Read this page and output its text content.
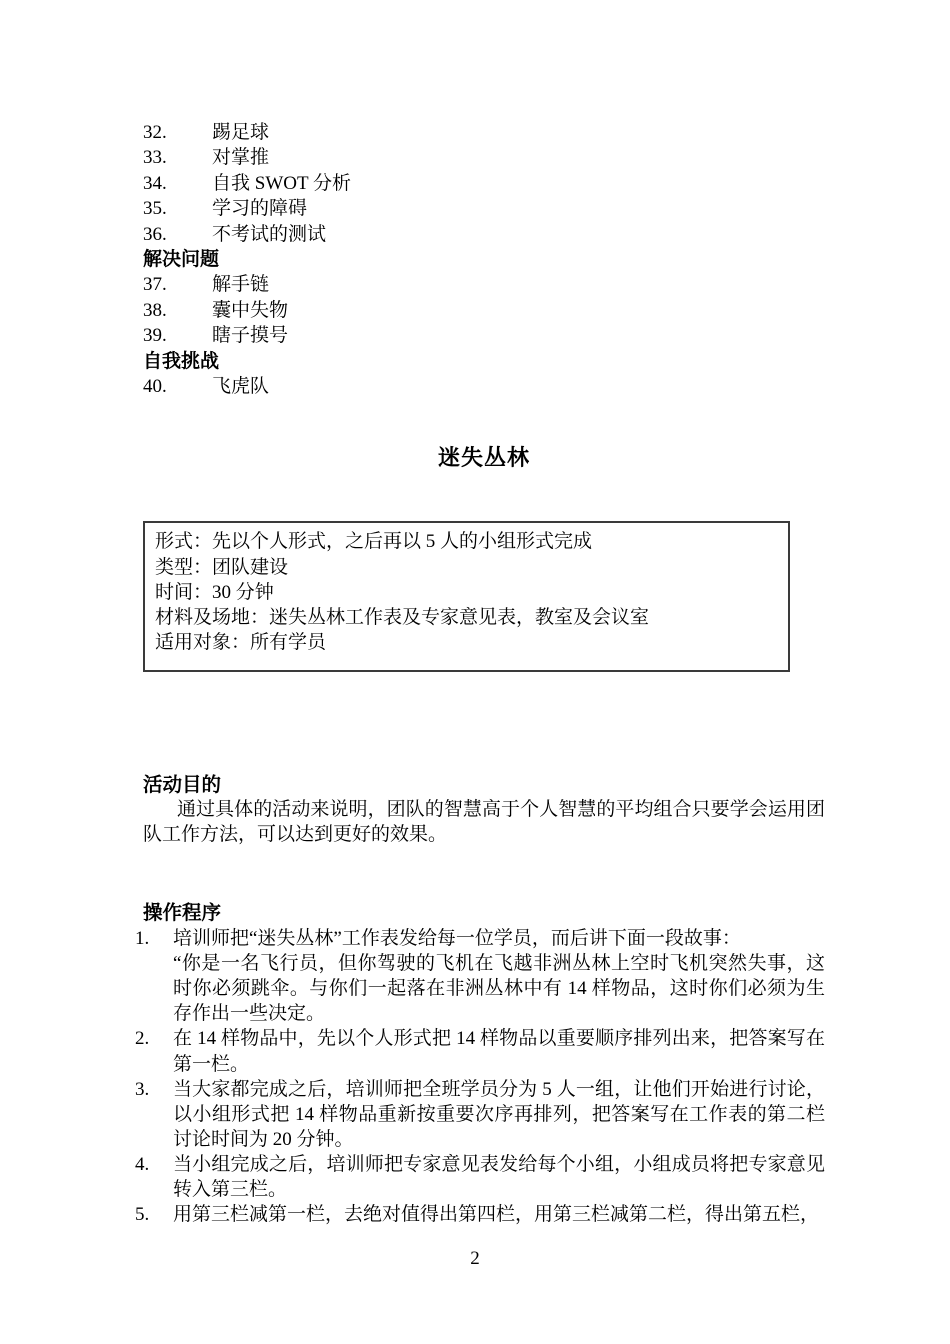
32.	踢足球
33.	对掌推
34.	自我 SWOT 分析
35.	学习的障碍
36.	不考试的测试
解决问题
37.	解手链
38.	囊中失物
39.	瞎子摸号
自我挑战
40.	飞虎队
迷失丛林
形式：先以个人形式，之后再以 5 人的小组形式完成
类型：团队建设
时间：30 分钟
材料及场地：迷失丛林工作表及专家意见表，教室及会议室
适用对象：所有学员
活动目的

通过具体的活动来说明，团队的智慧高于个人智慧的平均组合只要学会运用团队工作方法，可以达到更好的效果。

操作程序
1.	培训师把“迷失丛林”工作表发给每一位学员，而后讲下面一段故事：
“你是一名飞行员，但你驾驶的飞机在飞越非洲丛林上空时飞机突然失事，这时你必须跳伞。与你们一起落在非洲丛林中有 14 样物品，这时你们必须为生存作出一些决定。
2.	在 14 样物品中，先以个人形式把 14 样物品以重要顺序排列出来，把答案写在第一栏。
3.	当大家都完成之后，培训师把全班学员分为 5 人一组，让他们开始进行讨论，以小组形式把 14 样物品重新按重要次序再排列，把答案写在工作表的第二栏讨论时间为 20 分钟。
4.	当小组完成之后，培训师把专家意见表发给每个小组，小组成员将把专家意见转入第三栏。
5.	用第三栏减第一栏，去绝对值得出第四栏，用第三栏减第二栏，得出第五栏，
2
